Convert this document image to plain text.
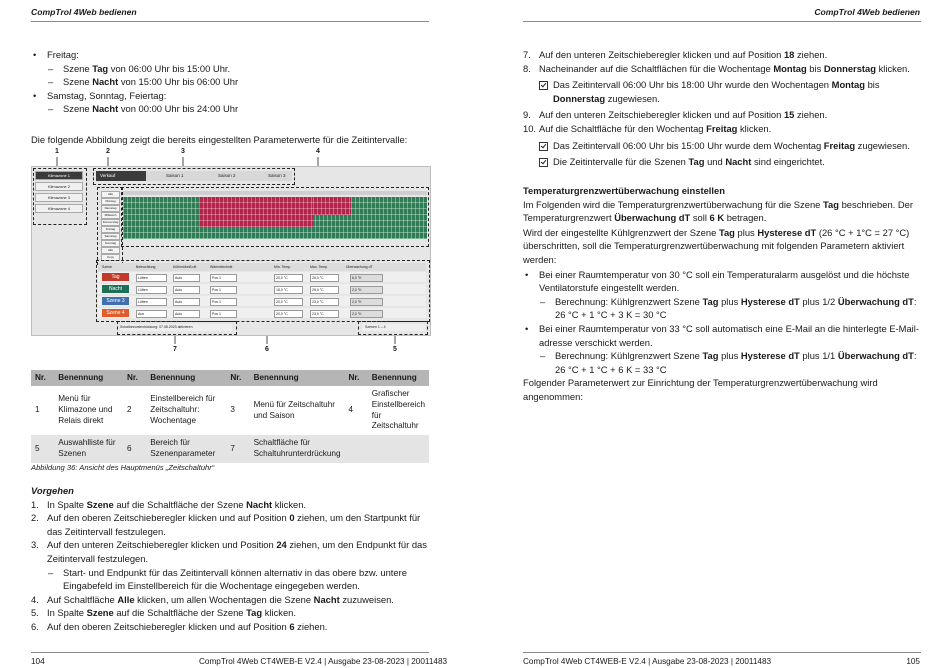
CompTrol 4Web bedienen
• Freitag:
– Szene Tag von 06:00 Uhr bis 15:00 Uhr.
– Szene Nacht von 15:00 Uhr bis 06:00 Uhr
• Samstag, Sonntag, Feiertag:
– Szene Nacht von 00:00 Uhr bis 24:00 Uhr
Die folgende Abbildung zeigt die bereits eingestellten Parameterwerte für die Zeitintervalle:
1	2	3	4
7	6	5
Klimazone 1
Klimazone 2
Klimazone 3
Klimazone 4
Verkauf	Saison 1	Saison 2	Saison 3
Alle
Montag
Dienstag
Mittwoch
Donnerstag
Freitag
Samstag
Sonntag
Alle
Copy
Szene	Beleuchtung	Kühlmöbel/Luft	Wärmetechnik	Min. Temp.	Max. Temp.	Überwachung dT
Tag	Lüften	Auto	Pos 1	20,0 °C	26,0 °C	6,0 °K
Nacht	Lüften	Auto	Pos 1	18,0 °C	25,0 °C	2,0 °K
Szene 3	Lüften	Auto	Pos 1	20,0 °C	23,0 °C	2,0 °K
Szene 4	Aus	Auto	Pos 1	20,0 °C	23,0 °C	2,0 °K
Schaltuhrunterdrückung: 07.08.2023 aktivieren	Szenen 1 – 4
Nr.	Benennung	Nr.	Benennung	Nr.	Benennung	Nr.	Benennung
1	Menü für Klimazone und Relais direkt	2	Einstellbereich für Zeitschaltuhr: Wochentage	3	Menü für Zeitschaltuhr und Saison	4	Grafischer Einstellbereich für Zeitschaltuhr
5	Auswahlliste für Szenen	6	Bereich für Szenenparameter	7	Schaltfläche für Schaltuhrunterdrückung		
Abbildung 36: Ansicht des Hauptmenüs „Zeitschaltuhr“
Vorgehen
1. In Spalte Szene auf die Schaltfläche der Szene Nacht klicken.
2. Auf den oberen Zeitschieberegler klicken und auf Position 0 ziehen, um den Startpunkt für das Zeitintervall festzulegen.
3. Auf den unteren Zeitschieberegler klicken und Position 24 ziehen, um den Endpunkt für das Zeitintervall festzulegen.
– Start- und Endpunkt für das Zeitintervall können alternativ in das obere bzw. untere Eingabefeld im Einstellbereich für die Wochentage eingegeben werden.
4. Auf Schaltfläche Alle klicken, um allen Wochentagen die Szene Nacht zuzuweisen.
5. In Spalte Szene auf die Schaltfläche der Szene Tag klicken.
6. Auf den oberen Zeitschieberegler klicken und auf Position 6 ziehen.
104	CompTrol 4Web CT4WEB-E V2.4 | Ausgabe 23-08-2023 | 20011483
CompTrol 4Web bedienen
7. Auf den unteren Zeitschieberegler klicken und auf Position 18 ziehen.
8. Nacheinander auf die Schaltflächen für die Wochentage Montag bis Donnerstag klicken.
Das Zeitintervall 06:00 Uhr bis 18:00 Uhr wurde den Wochentagen Montag bis Donnerstag zugewiesen.
9. Auf den unteren Zeitschieberegler klicken und auf Position 15 ziehen.
10. Auf die Schaltfläche für den Wochentag Freitag klicken.
Das Zeitintervall 06:00 Uhr bis 15:00 Uhr wurde dem Wochentag Freitag zugewiesen.
Die Zeitintervalle für die Szenen Tag und Nacht sind eingerichtet.
Temperaturgrenzwertüberwachung einstellen
Im Folgenden wird die Temperaturgrenzwertüberwachung für die Szene Tag beschrieben. Der Temperaturgrenzwert Überwachung dT soll 6 K betragen.
Wird der eingestellte Kühlgrenzwert der Szene Tag plus Hysterese dT (26 °C + 1°C = 27 °C) überschritten, soll die Temperaturgrenzwertüberwachung mit folgenden Parametern aktiviert werden:
• Bei einer Raumtemperatur von 30 °C soll ein Temperaturalarm ausgelöst und die höchste Ventilatorstufe eingestellt werden.
– Berechnung: Kühlgrenzwert Szene Tag plus Hysterese dT plus 1/2 Überwachung dT: 26 °C + 1 °C + 3 K = 30 °C
• Bei einer Raumtemperatur von 33 °C soll automatisch eine E-Mail an die hinterlegte E-Mail-adresse verschickt werden.
– Berechnung: Kühlgrenzwert Szene Tag plus Hysterese dT plus 1/1 Überwachung dT: 26 °C + 1 °C + 6 K = 33 °C
Folgender Parameterwert zur Einrichtung der Temperaturgrenzwertüberwachung wird angenommen:
CompTrol 4Web CT4WEB-E V2.4 | Ausgabe 23-08-2023 | 20011483	105
